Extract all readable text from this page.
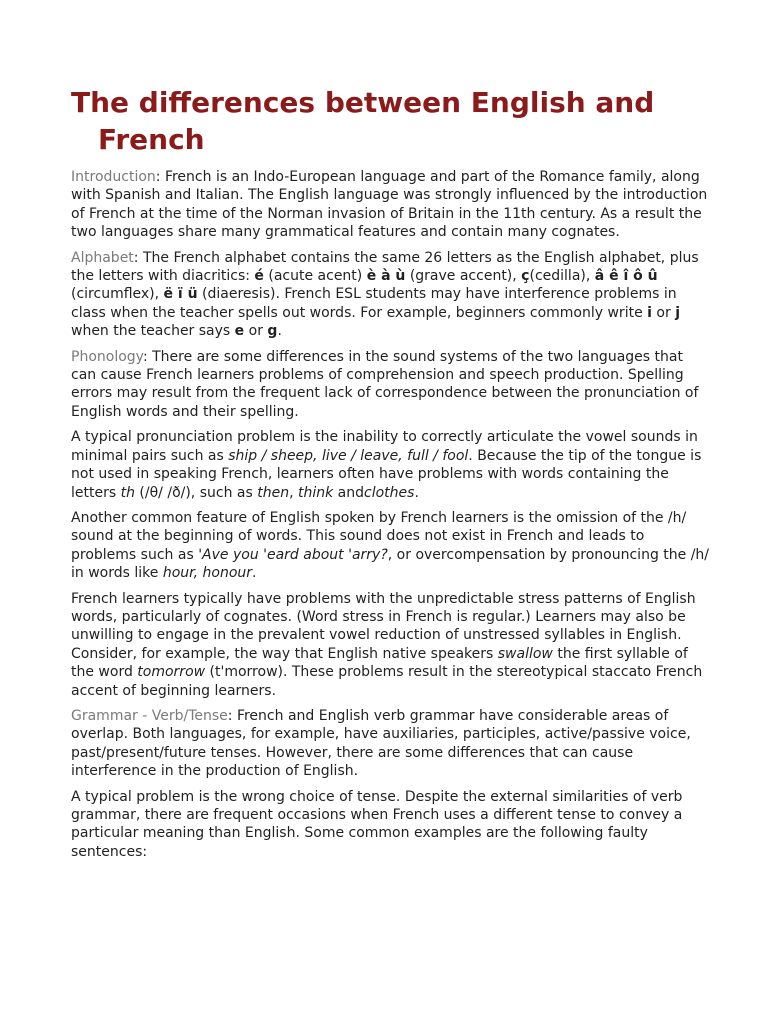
The differences between English and French

Introduction: French is an Indo-European language and part of the Romance family, along with Spanish and Italian. The English language was strongly influenced by the introduction of French at the time of the Norman invasion of Britain in the 11th century. As a result the two languages share many grammatical features and contain many cognates.

Alphabet: The French alphabet contains the same 26 letters as the English alphabet, plus the letters with diacritics: é (acute acent) è à ù (grave accent), ç(cedilla), â ê î ô û (circumflex), ë ï ü (diaeresis). French ESL students may have interference problems in class when the teacher spells out words. For example, beginners commonly write i or j when the teacher says e or g.

Phonology: There are some differences in the sound systems of the two languages that can cause French learners problems of comprehension and speech production. Spelling errors may result from the frequent lack of correspondence between the pronunciation of English words and their spelling.

A typical pronunciation problem is the inability to correctly articulate the vowel sounds in minimal pairs such as ship / sheep, live / leave, full / fool. Because the tip of the tongue is not used in speaking French, learners often have problems with words containing the letters th (/θ/ /ð/), such as then, think andclothes.

Another common feature of English spoken by French learners is the omission of the /h/ sound at the beginning of words. This sound does not exist in French and leads to problems such as 'Ave you 'eard about 'arry?, or overcompensation by pronouncing the /h/ in words like hour, honour.

French learners typically have problems with the unpredictable stress patterns of English words, particularly of cognates. (Word stress in French is regular.) Learners may also be unwilling to engage in the prevalent vowel reduction of unstressed syllables in English. Consider, for example, the way that English native speakers swallow the first syllable of the word tomorrow (t'morrow). These problems result in the stereotypical staccato French accent of beginning learners.

Grammar - Verb/Tense: French and English verb grammar have considerable areas of overlap. Both languages, for example, have auxiliaries, participles, active/passive voice, past/present/future tenses. However, there are some differences that can cause interference in the production of English.

A typical problem is the wrong choice of tense. Despite the external similarities of verb grammar, there are frequent occasions when French uses a different tense to convey a particular meaning than English. Some common examples are the following faulty sentences:
